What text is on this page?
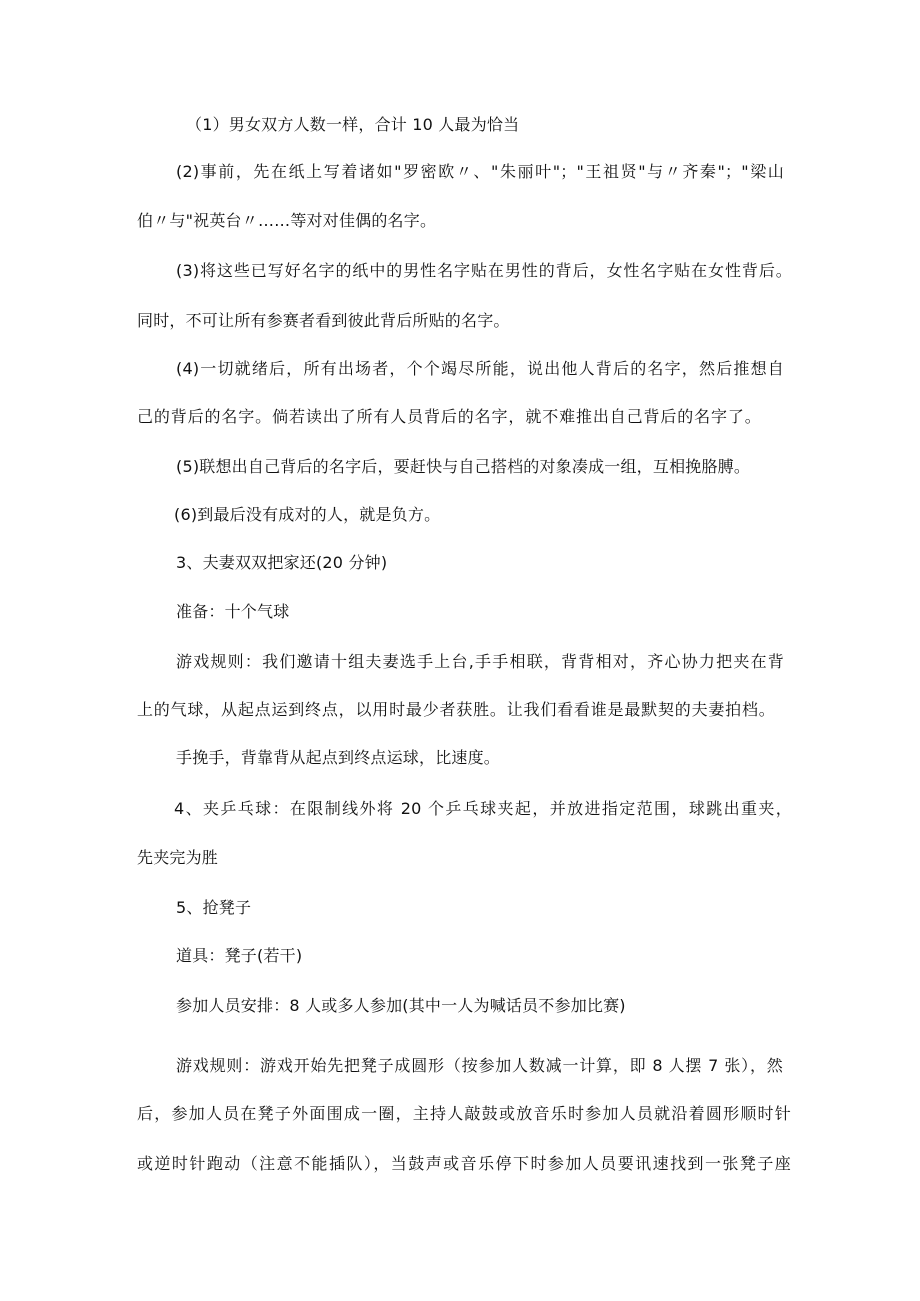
（1）男女双方人数一样，合计 10 人最为恰当
(2)事前，先在纸上写着诸如"罗密欧〃、"朱丽叶"；"王祖贤"与〃齐秦"；"梁山
伯〃与"祝英台〃……等对对佳偶的名字。
(3)将这些已写好名字的纸中的男性名字贴在男性的背后，女性名字贴在女性背后。
同时，不可让所有参赛者看到彼此背后所贴的名字。
(4)一切就绪后，所有出场者，个个竭尽所能，说出他人背后的名字，然后推想自
己的背后的名字。倘若读出了所有人员背后的名字，就不难推出自己背后的名字了。
(5)联想出自己背后的名字后，要赶快与自己搭档的对象凑成一组，互相挽胳膊。
(6)到最后没有成对的人，就是负方。
3、夫妻双双把家还(20 分钟)
准备：十个气球
游戏规则：我们邀请十组夫妻选手上台,手手相联，背背相对，齐心协力把夹在背
上的气球，从起点运到终点，以用时最少者获胜。让我们看看谁是最默契的夫妻拍档。
手挽手，背靠背从起点到终点运球，比速度。
4、夹乒乓球：在限制线外将 20 个乒乓球夹起，并放进指定范围，球跳出重夹，
先夹完为胜
5、抢凳子
道具：凳子(若干)
参加人员安排：8 人或多人参加(其中一人为喊话员不参加比赛)
游戏规则：游戏开始先把凳子成圆形（按参加人数减一计算，即 8 人摆 7 张），然
后，参加人员在凳子外面围成一圈，主持人敲鼓或放音乐时参加人员就沿着圆形顺时针
或逆时针跑动（注意不能插队），当鼓声或音乐停下时参加人员要讯速找到一张凳子座
